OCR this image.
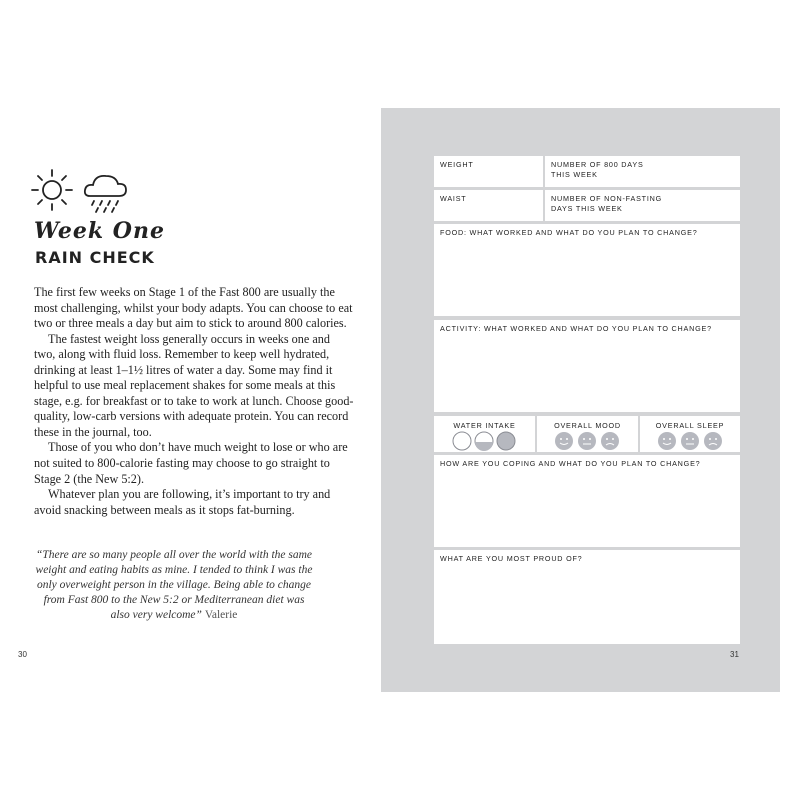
Week One
RAIN CHECK

The first few weeks on Stage 1 of the Fast 800 are usually the most challenging, whilst your body adapts. You can choose to eat two or three meals a day but aim to stick to around 800 calories.

The fastest weight loss generally occurs in weeks one and two, along with fluid loss. Remember to keep well hydrated, drinking at least 1–1½ litres of water a day. Some may find it helpful to use meal replacement shakes for some meals at this stage, e.g. for breakfast or to take to work at lunch. Choose good-quality, low-carb versions with adequate protein. You can record these in the journal, too.

Those of you who don’t have much weight to lose or who are not suited to 800-calorie fasting may choose to go straight to Stage 2 (the New 5:2).

Whatever plan you are following, it’s important to try and avoid snacking between meals as it stops fat-burning.

“There are so many people all over the world with the same weight and eating habits as mine. I tended to think I was the only overweight person in the village. Being able to change from Fast 800 to the New 5:2 or Mediterranean diet was also very welcome” Valerie
30
WEIGHT	NUMBER OF 800 DAYS THIS WEEK
WAIST	NUMBER OF NON-FASTING DAYS THIS WEEK
FOOD: WHAT WORKED AND WHAT DO YOU PLAN TO CHANGE?
ACTIVITY: WHAT WORKED AND WHAT DO YOU PLAN TO CHANGE?
WATER INTAKE	OVERALL MOOD	OVERALL SLEEP
HOW ARE YOU COPING AND WHAT DO YOU PLAN TO CHANGE?
WHAT ARE YOU MOST PROUD OF?
31
